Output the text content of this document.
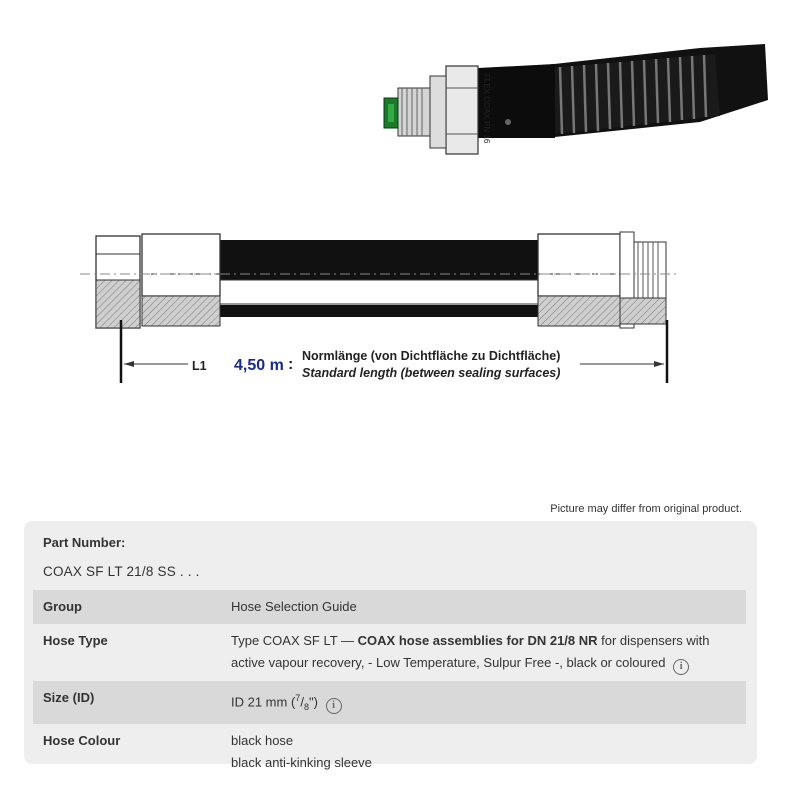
FLEX COAX PN 16
L1 4,50 m : Normlänge (von Dichtfläche zu Dichtfläche)
Standard length (between sealing surfaces)
Picture may differ from original product.
Part Number:
COAX SF LT 21/8 SS . . .
Group	Hose Selection Guide
Hose Type	Type COAX SF LT — COAX hose assemblies for DN 21/8 NR for dispensers with active vapour recovery, - Low Temperature, Sulpur Free -, black or coloured i
Size (ID)	ID 21 mm $(^7/_8")$ i
Hose Colour	black hose
black anti-kinking sleeve
